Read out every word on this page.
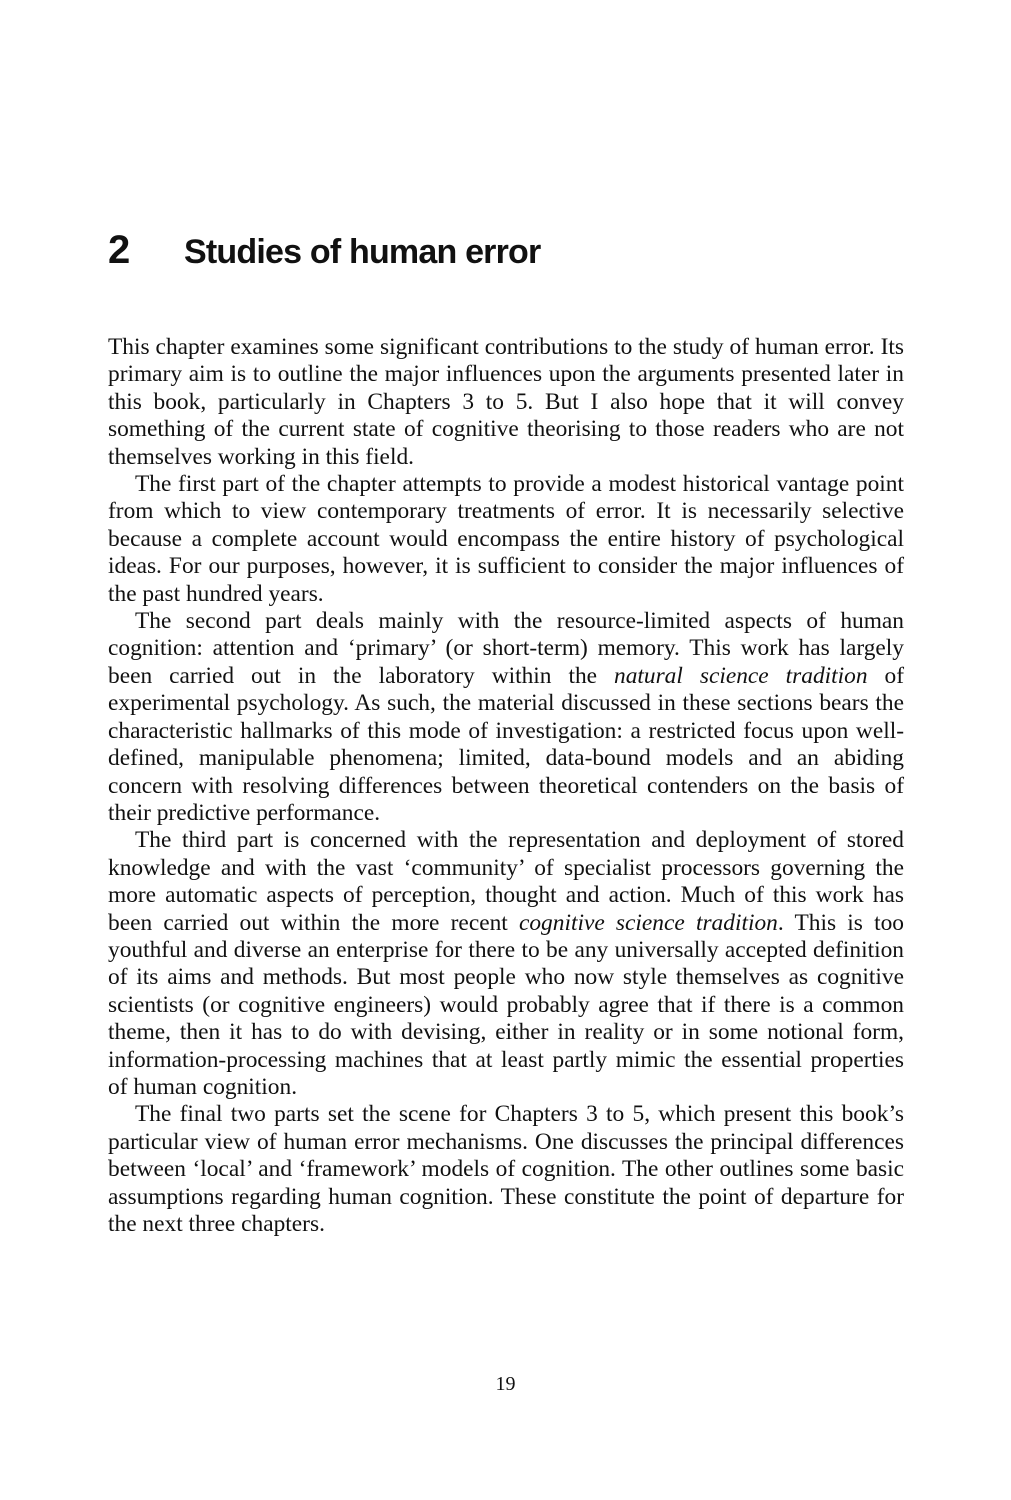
2	Studies of human error

This chapter examines some significant contributions to the study of human error. Its primary aim is to outline the major influences upon the arguments presented later in this book, particularly in Chapters 3 to 5. But I also hope that it will convey something of the current state of cognitive theorising to those readers who are not themselves working in this field.

The first part of the chapter attempts to provide a modest historical vantage point from which to view contemporary treatments of error. It is necessarily selective because a complete account would encompass the entire history of psychological ideas. For our purposes, however, it is sufficient to consider the major influences of the past hundred years.

The second part deals mainly with the resource-limited aspects of human cognition: attention and ‘primary’ (or short-term) memory. This work has largely been carried out in the laboratory within the natural science tradition of experimental psychology. As such, the material discussed in these sections bears the characteristic hallmarks of this mode of investigation: a restricted focus upon well-defined, manipulable phenomena; limited, data-bound models and an abiding concern with resolving differences between theoretical contenders on the basis of their predictive performance.

The third part is concerned with the representation and deployment of stored knowledge and with the vast ‘community’ of specialist processors governing the more automatic aspects of perception, thought and action. Much of this work has been carried out within the more recent cognitive science tradition. This is too youthful and diverse an enterprise for there to be any universally accepted definition of its aims and methods. But most people who now style themselves as cognitive scientists (or cognitive engineers) would probably agree that if there is a common theme, then it has to do with devising, either in reality or in some notional form, information-processing machines that at least partly mimic the essential properties of human cognition.

The final two parts set the scene for Chapters 3 to 5, which present this book’s particular view of human error mechanisms. One discusses the principal differences between ‘local’ and ‘framework’ models of cognition. The other outlines some basic assumptions regarding human cognition. These constitute the point of departure for the next three chapters.

19
